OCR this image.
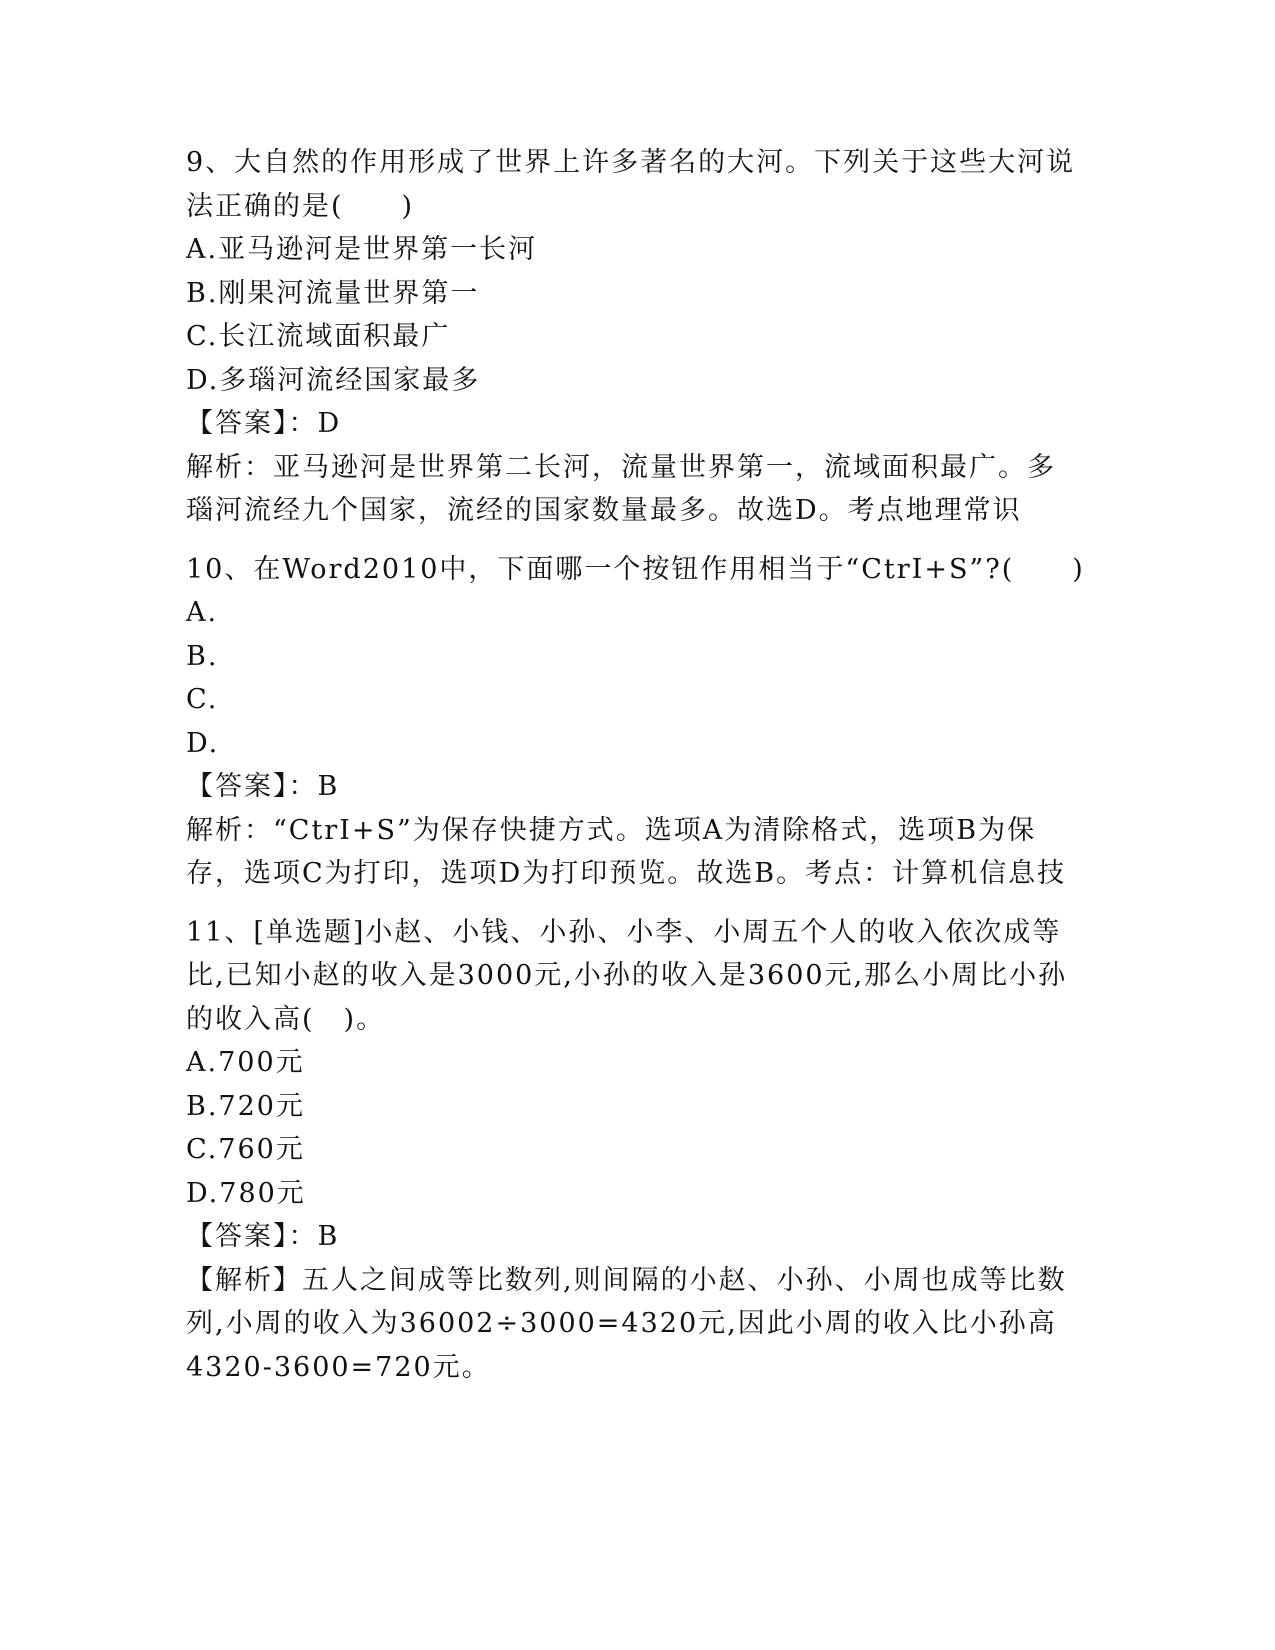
9、大自然的作用形成了世界上许多著名的大河。下列关于这些大河说
法正确的是(　　)
A.亚马逊河是世界第一长河
B.刚果河流量世界第一
C.长江流域面积最广
D.多瑙河流经国家最多
【答案】：D
解析：亚马逊河是世界第二长河，流量世界第一，流域面积最广。多
瑙河流经九个国家，流经的国家数量最多。故选D。考点地理常识
10、在Word2010中，下面哪一个按钮作用相当于“CtrI+S”?(　　)
A.
B.
C.
D.
【答案】：B
解析：“CtrI+S”为保存快捷方式。选项A为清除格式，选项B为保
存，选项C为打印，选项D为打印预览。故选B。考点：计算机信息技
11、[单选题]小赵、小钱、小孙、小李、小周五个人的收入依次成等
比,已知小赵的收入是3000元,小孙的收入是3600元,那么小周比小孙
的收入高(　)。
A.700元
B.720元
C.760元
D.780元
【答案】：B
【解析】五人之间成等比数列,则间隔的小赵、小孙、小周也成等比数
列,小周的收入为36002÷3000=4320元,因此小周的收入比小孙高
4320-3600=720元。
